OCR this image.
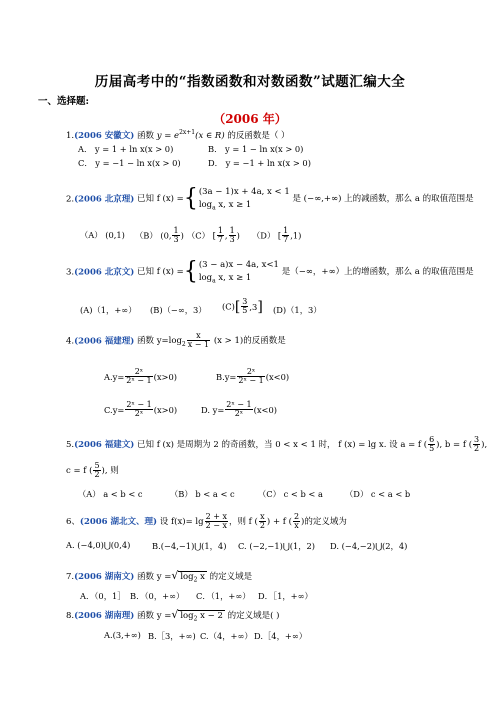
历届高考中的“指数函数和对数函数”试题汇编大全
一、选择题:
（2006 年）
1.(2006 安徽文) 函数 $y = e^{2x+1}(x$ ∈ R) 的反函数是（ ）
A． y = 1 + ln x(x > 0)	B． y = 1 − ln x(x > 0)
C． y = −1 − ln x(x > 0)	D． y = −1 + ln x(x > 0)
2.(2006 北京理) 已知 f (x) ={(3a − 1)x + 4a, x < 1
$\log_a x$, x ≥ 1 是 (−∞,+∞) 上的减函数，那么 a 的取值范围是
（A） (0,1) （B） (0, $\frac{1}{3}$ ) （C） [ $\frac{1}{7}$ , $\frac{1}{3}$ ) （D） [ $\frac{1}{7} ,1$)
3.(2006 北京文) 已知 f (x) ={(3 − a)x − 4a, x<1
$\log_a x$, x ≥ 1 是（−∞，+∞）上的增函数，那么 a 的取值范围是
(A)（1，+∞） (B)（−∞，3） $(C)[ \frac{3}{5} ,3]$ (D)（1，3）
4.(2006 福建理) 函数 $y=\log_2 \frac{x}{x - 1} (x > 1)$的反函数是
$A.y= \frac{\text{2ˣ}}{\text{2ˣ − 1}} (x>0)$	$B.y= \frac{\text{2ˣ}}{\text{2ˣ − 1}} (x<0)$
$C.y= \frac{\text{2ˣ − 1}}{\text{2ˣ}} (x>0)$	D. $y= \frac{\text{2ˣ − 1}}{\text{2ˣ}} (x<0)$
5.(2006 福建文) 已知 f (x) 是周期为 2 的奇函数，当 0 < x < 1 时， f (x) = lg x. 设 a = f ( $\frac{6}{5}$ ), b = f ( $\frac{3}{2}$ ),
c = f ( $\frac{5}{2}$ ), 则
（A） a < b < c	（B） b < a < c	（C） c < b < a	（D） c < a < b
6、(2006 湖北文、理) 设 $f(x)= \lg \frac{2 + x}{2 - x}$ ，则 f ( $\frac{x}{2}$ ) + f ( $\frac{2}{x}$ )的定义域为
A. (−4,0)⋃(0,4)	B.(−4,−1)⋃(1，4) C. (−2,−1)⋃(1，2) D. (−4,−2)⋃(2，4)
7.(2006 湖南文) 函数 y =√ $\log_2 x$ 的定义域是
A．（0，1］ B．（0，+∞） C．（1，+∞） D．［1，+∞）
8.(2006 湖南理) 函数 y =√ $\log_2 x - 2$ 的定义域是( )
A.(3,+∞) B.［3，+∞) C.（4，+∞） D.［4，+∞）
